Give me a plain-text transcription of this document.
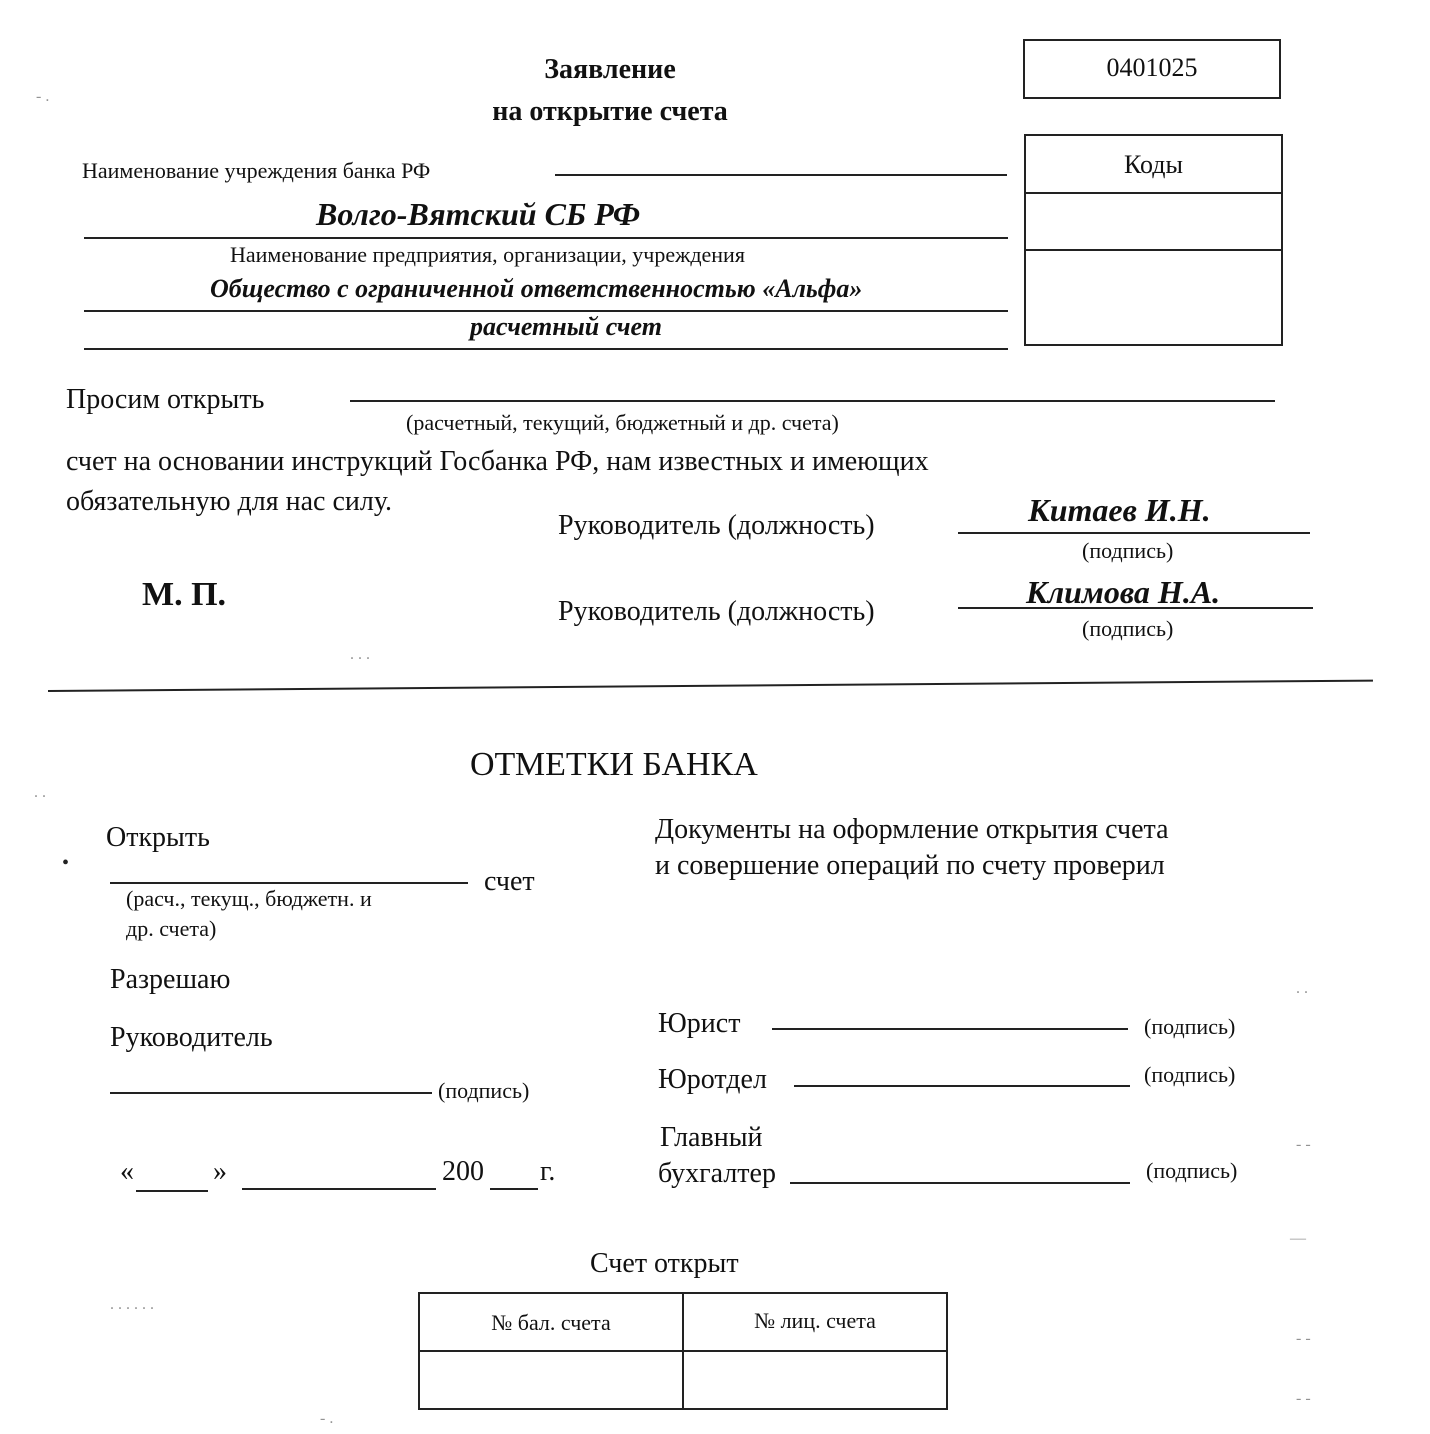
Заявление
на открытие счета
0401025
Коды
Наименование учреждения банка РФ
Волго-Вятский СБ РФ
Наименование предприятия, организации, учреждения
Общество с ограниченной ответственностью «Альфа»
расчетный счет
Просим открыть
(расчетный, текущий, бюджетный и др. счета)
счет на основании инструкций Госбанка РФ, нам известных и имеющих
обязательную для нас силу.
Руководитель (должность)	Китаев И.Н.
(подпись)
М. П.	Руководитель (должность)
Климова Н.А.
(подпись)
ОТМЕТКИ БАНКА
Открыть
счет
(расч., текущ., бюджетн. и
др. счета)
Разрешаю
Руководитель
(подпись)
«	»	200 г.
Документы на оформление открытия счета
и совершение операций по счету проверил
Юрист	(подпись)
Юротдел	(подпись)
Главный
бухгалтер	(подпись)
Счет открыт
№ бал. счета	№ лиц. счета
- .
. . .
. .
•
. .
- -
—
- -
- -
. . . . . .
- .
